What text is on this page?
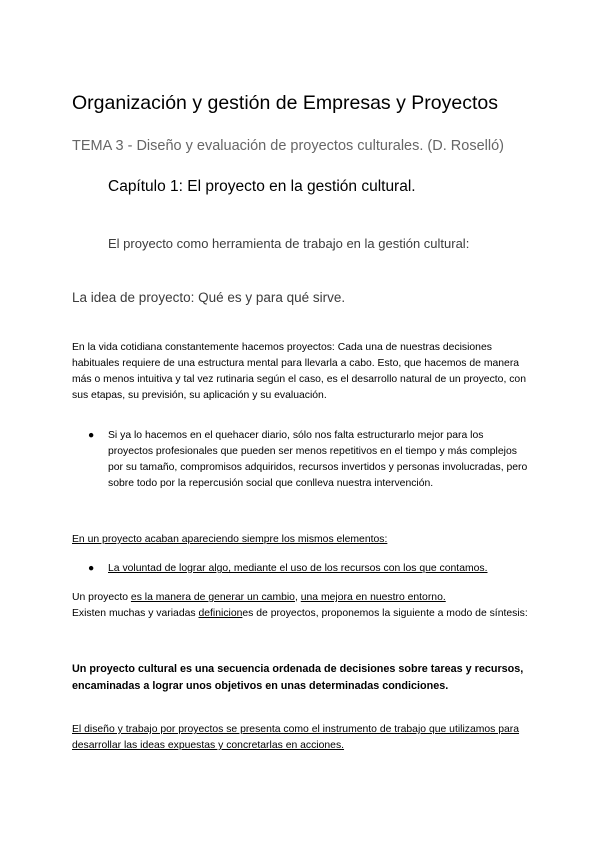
Organización y gestión de Empresas y Proyectos
TEMA 3 - Diseño y evaluación de proyectos culturales. (D. Roselló)
Capítulo 1: El proyecto en la gestión cultural.
El proyecto como herramienta de trabajo en la gestión cultural:
La idea de proyecto: Qué es y para qué sirve.
En la vida cotidiana constantemente hacemos proyectos: Cada una de nuestras decisiones habituales requiere de una estructura mental para llevarla a cabo. Esto, que hacemos de manera más o menos intuitiva y tal vez rutinaria según el caso, es el desarrollo natural de un proyecto, con sus etapas, su previsión, su aplicación y su evaluación.
● Si ya lo hacemos en el quehacer diario, sólo nos falta estructurarlo mejor para los proyectos profesionales que pueden ser menos repetitivos en el tiempo y más complejos por su tamaño, compromisos adquiridos, recursos invertidos y personas involucradas, pero sobre todo por la repercusión social que conlleva nuestra intervención.
En un proyecto acaban apareciendo siempre los mismos elementos:
● La voluntad de lograr algo, mediante el uso de los recursos con los que contamos.
Un proyecto es la manera de generar un cambio, una mejora en nuestro entorno.
Existen muchas y variadas definiciones de proyectos, proponemos la siguiente a modo de síntesis:
Un proyecto cultural es una secuencia ordenada de decisiones sobre tareas y recursos, encaminadas a lograr unos objetivos en unas determinadas condiciones.
El diseño y trabajo por proyectos se presenta como el instrumento de trabajo que utilizamos para desarrollar las ideas expuestas y concretarlas en acciones.
